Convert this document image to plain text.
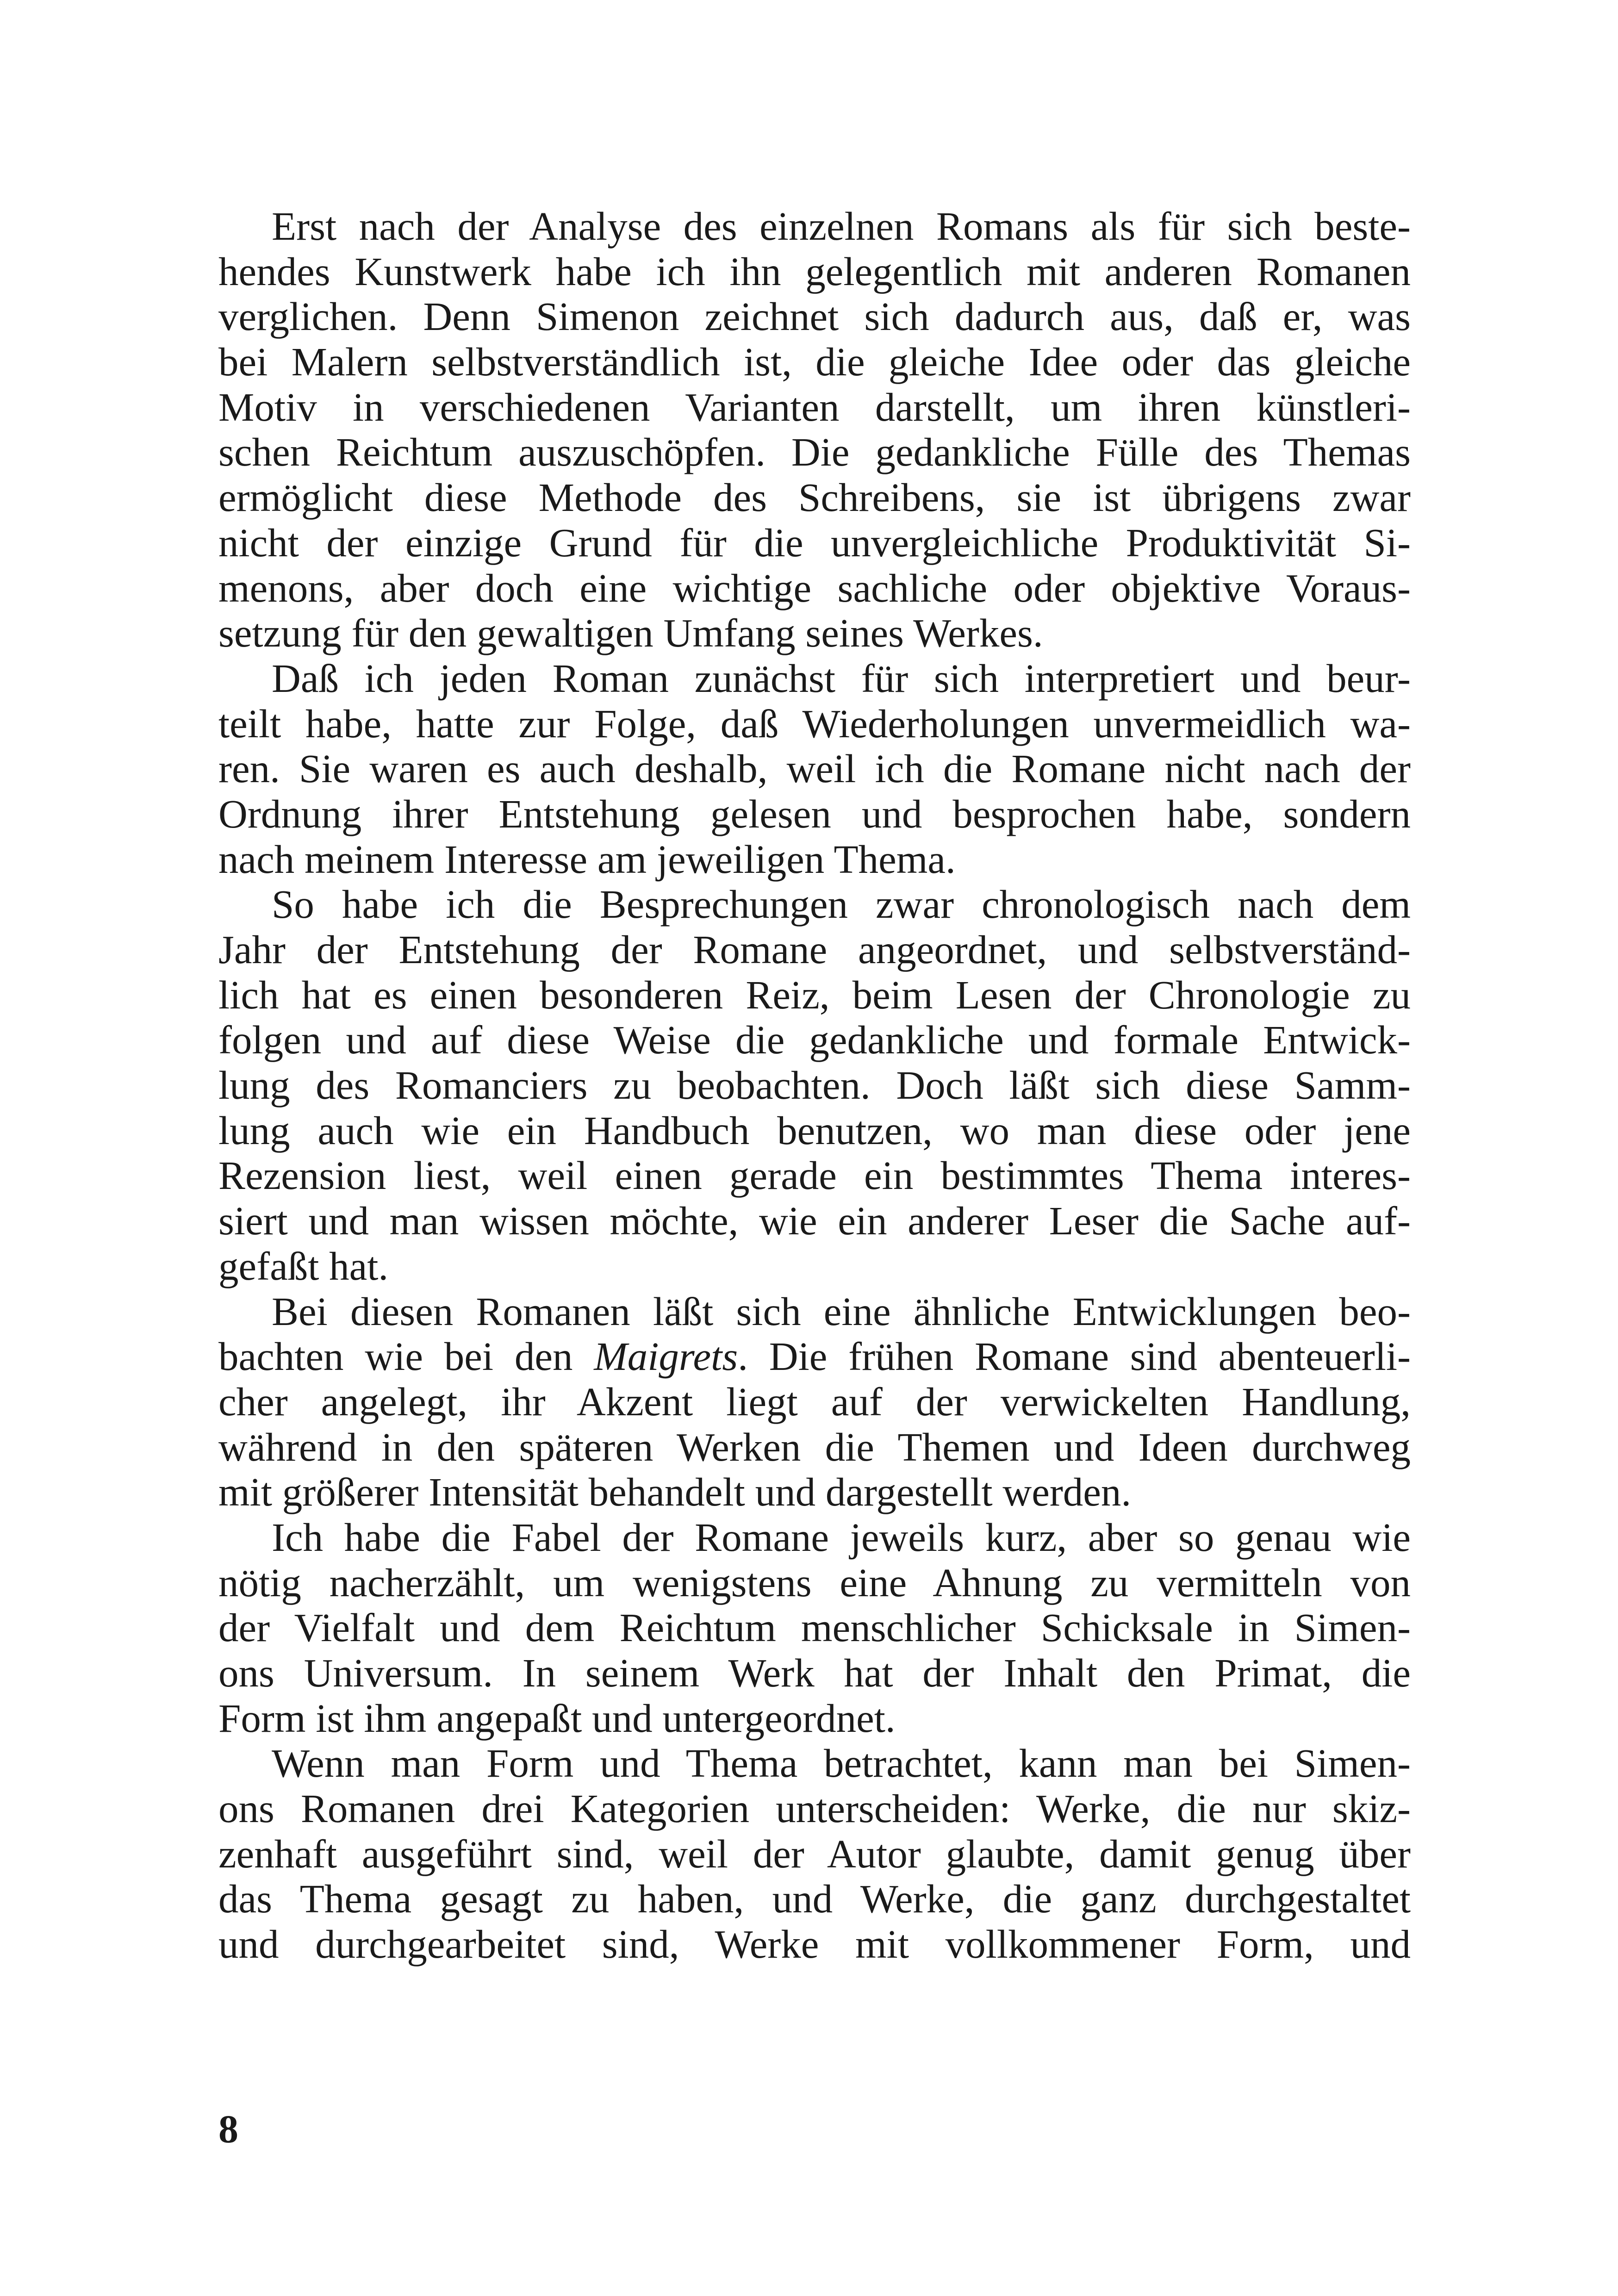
Erst nach der Analyse des einzelnen Romans als für sich beste-
hendes Kunstwerk habe ich ihn gelegentlich mit anderen Romanen
verglichen. Denn Simenon zeichnet sich dadurch aus, daß er, was
bei Malern selbstverständlich ist, die gleiche Idee oder das gleiche
Motiv in verschiedenen Varianten darstellt, um ihren künstleri-
schen Reichtum auszuschöpfen. Die gedankliche Fülle des Themas
ermöglicht diese Methode des Schreibens, sie ist übrigens zwar
nicht der einzige Grund für die unvergleichliche Produktivität Si-
menons, aber doch eine wichtige sachliche oder objektive Voraus-
setzung für den gewaltigen Umfang seines Werkes.
Daß ich jeden Roman zunächst für sich interpretiert und beur-
teilt habe, hatte zur Folge, daß Wiederholungen unvermeidlich wa-
ren. Sie waren es auch deshalb, weil ich die Romane nicht nach der
Ordnung ihrer Entstehung gelesen und besprochen habe, sondern
nach meinem Interesse am jeweiligen Thema.
So habe ich die Besprechungen zwar chronologisch nach dem
Jahr der Entstehung der Romane angeordnet, und selbstverständ-
lich hat es einen besonderen Reiz, beim Lesen der Chronologie zu
folgen und auf diese Weise die gedankliche und formale Entwick-
lung des Romanciers zu beobachten. Doch läßt sich diese Samm-
lung auch wie ein Handbuch benutzen, wo man diese oder jene
Rezension liest, weil einen gerade ein bestimmtes Thema interes-
siert und man wissen möchte, wie ein anderer Leser die Sache auf-
gefaßt hat.
Bei diesen Romanen läßt sich eine ähnliche Entwicklungen beo-
bachten wie bei den Maigrets. Die frühen Romane sind abenteuerli-
cher angelegt, ihr Akzent liegt auf der verwickelten Handlung,
während in den späteren Werken die Themen und Ideen durchweg
mit größerer Intensität behandelt und dargestellt werden.
Ich habe die Fabel der Romane jeweils kurz, aber so genau wie
nötig nacherzählt, um wenigstens eine Ahnung zu vermitteln von
der Vielfalt und dem Reichtum menschlicher Schicksale in Simen-
ons Universum. In seinem Werk hat der Inhalt den Primat, die
Form ist ihm angepaßt und untergeordnet.
Wenn man Form und Thema betrachtet, kann man bei Simen-
ons Romanen drei Kategorien unterscheiden: Werke, die nur skiz-
zenhaft ausgeführt sind, weil der Autor glaubte, damit genug über
das Thema gesagt zu haben, und Werke, die ganz durchgestaltet
und durchgearbeitet sind, Werke mit vollkommener Form, und
8
